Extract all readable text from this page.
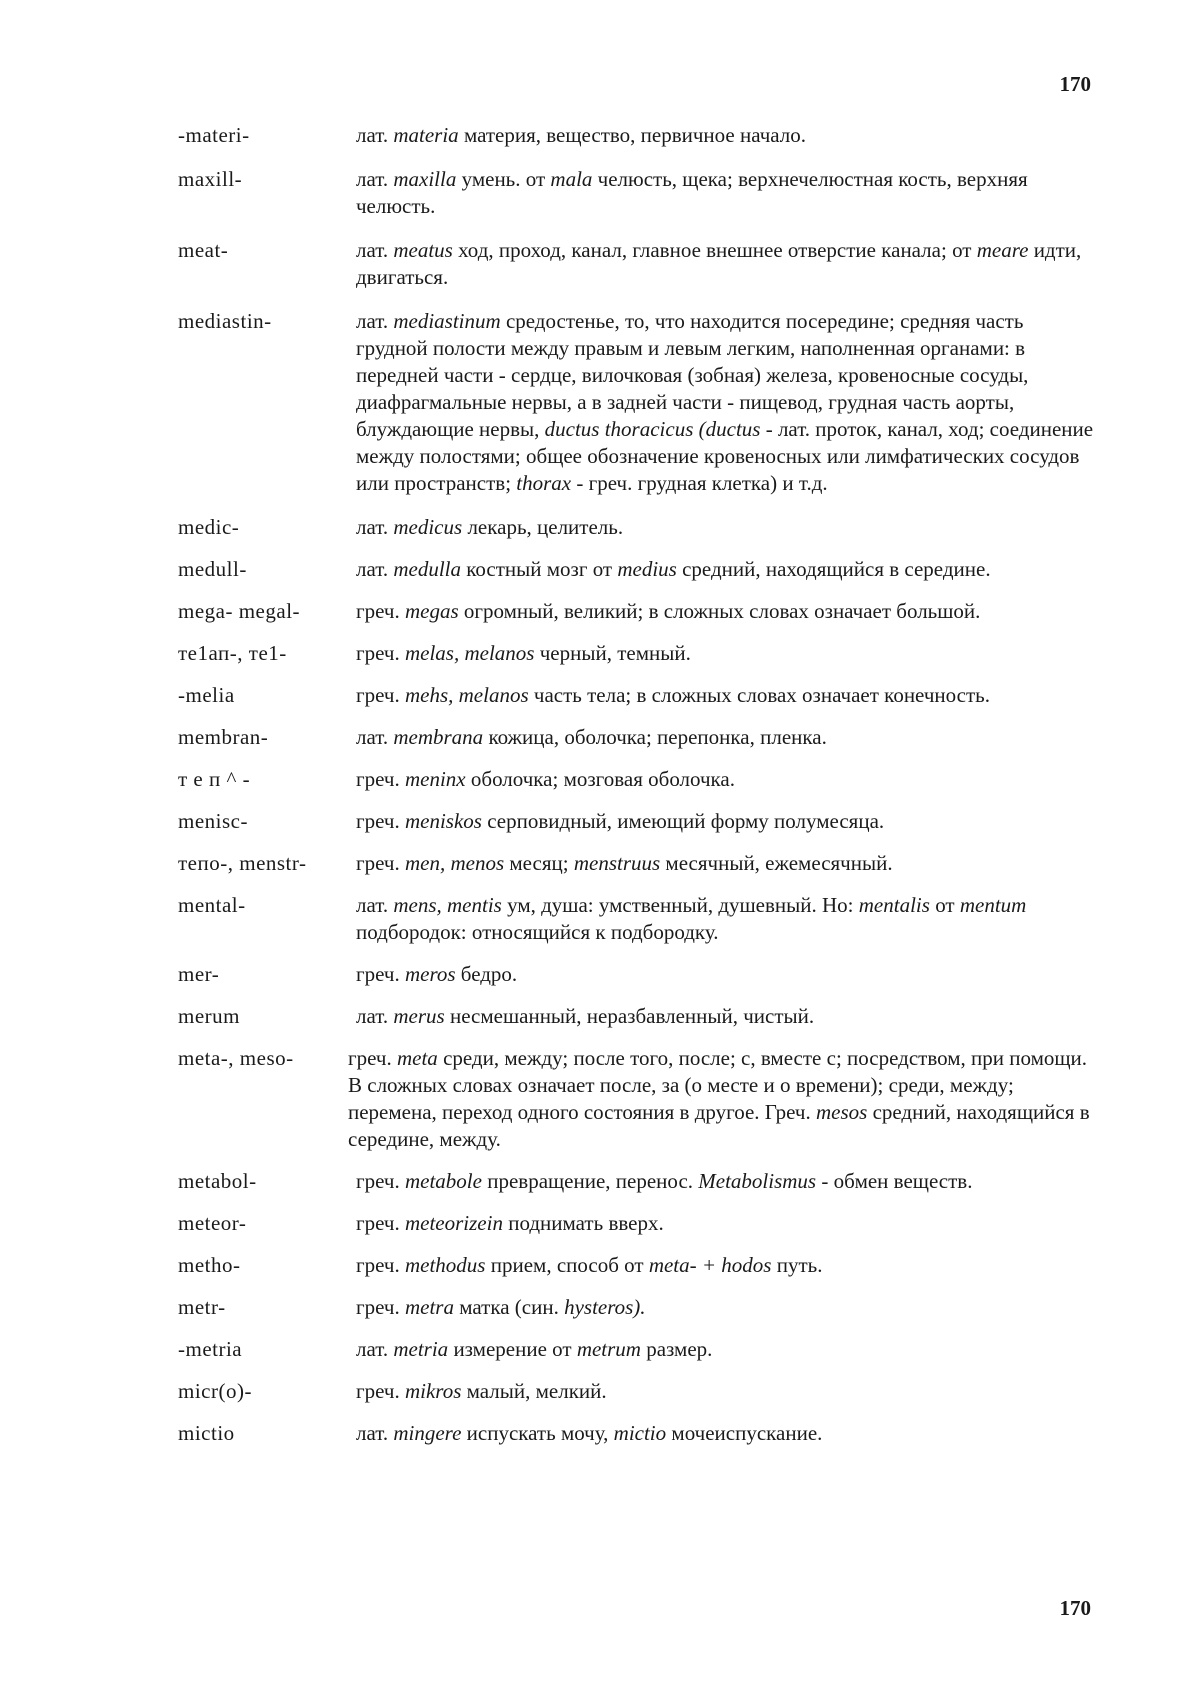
170
-materi-	лат. materia материя, вещество, первичное начало.
maxill-	лат. maxilla умень. от mala челюсть, щека; верхнечелюстная кость, верхняя челюсть.
meat-	лат. meatus ход, проход, канал, главное внешнее отверстие канала; от meare идти, двигаться.
mediastin-	лат. mediastinum средостенье, то, что находится посередине; средняя часть грудной полости между правым и левым легким, наполненная органами: в передней части - сердце, вилочковая (зобная) железа, кровеносные сосуды, диафрагмальные нервы, а в задней части - пищевод, грудная часть аорты, блуждающие нервы, ductus thoracicus (ductus - лат. проток, канал, ход; соединение между полостями; общее обозначение кровеносных или лимфатических сосудов или пространств; thorax - греч. грудная клетка) и т.д.
medic-	лат. medicus лекарь, целитель.
medull-	лат. medulla костный мозг от medius средний, находящийся в середине.
mega- megal-	греч. megas огромный, великий; в сложных словах означает большой.
те1ап-, те1-	греч. melas, melanos черный, темный.
-melia	греч. mehs, melanos часть тела; в сложных словах означает конечность.
membran-	лат. membrana кожица, оболочка; перепонка, пленка.
т е п ^ -	греч. meninx оболочка; мозговая оболочка.
menisc-	греч. meniskos серповидный, имеющий форму полумесяца.
тепо-, menstr-	греч. men, menos месяц; menstruus месячный, ежемесячный.
mental-	лат. mens, mentis ум, душа: умственный, душевный. Но: mentalis от mentum подбородок: относящийся к подбородку.
mer-	греч. meros бедро.
merum	лат. merus несмешанный, неразбавленный, чистый.
meta-, meso-	греч. meta среди, между; после того, после; с, вместе с; посредством, при помощи. В сложных словах означает после, за (о месте и о времени); среди, между; перемена, переход одного состояния в другое. Греч. mesos средний, находящийся в середине, между.
metabol-	греч. metabole превращение, перенос. Metabolismus - обмен веществ.
meteor-	греч. meteorizein поднимать вверх.
metho-	греч. methodus прием, способ от meta- + hodos путь.
metr-	греч. metra матка (син. hysteros).
-metria	лат. metria измерение от metrum размер.
micr(o)-	греч. mikros малый, мелкий.
mictio	лат. mingere испускать мочу, mictio мочеиспускание.
170
